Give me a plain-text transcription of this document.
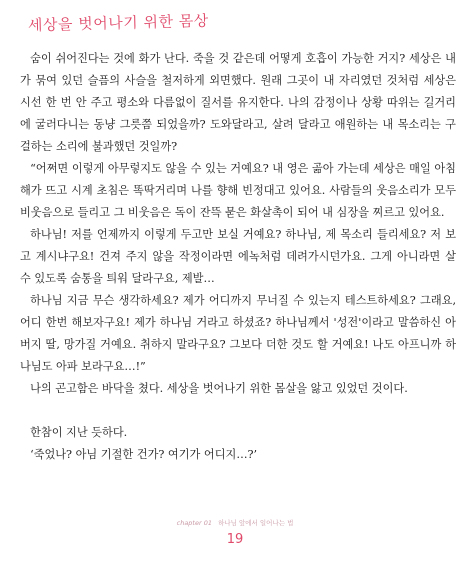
세상을 벗어나기 위한 몸상

숨이 쉬어진다는 것에 화가 난다. 죽을 것 같은데 어떻게 호흡이 가능한 거지? 세상은 내가 묶여 있던 슬픔의 사슬을 철저하게 외면했다. 원래 그곳이 내 자리였던 것처럼 세상은 시선 한 번 안 주고 평소와 다름없이 질서를 유지한다. 나의 감정이나 상황 따위는 길거리에 굴러다니는 동냥 그릇쯤 되었을까? 도와달라고, 살려 달라고 애원하는 내 목소리는 구걸하는 소리에 불과했던 것일까?

“어쩌면 이렇게 아무렇지도 않을 수 있는 거예요? 내 영은 곪아 가는데 세상은 매일 아침 해가 뜨고 시계 초침은 똑딱거리며 나를 향해 빈정대고 있어요. 사람들의 웃음소리가 모두 비웃음으로 들리고 그 비웃음은 독이 잔뜩 묻은 화살촉이 되어 내 심장을 찌르고 있어요.

하나님! 저를 언제까지 이렇게 두고만 보실 거예요? 하나님, 제 목소리 들리세요? 저 보고 계시냐구요! 건져 주지 않을 작정이라면 에녹처럼 데려가시던가요. 그게 아니라면 살 수 있도록 숨통을 틔워 달라구요, 제발…

하나님 지금 무슨 생각하세요? 제가 어디까지 무너질 수 있는지 테스트하세요? 그래요, 어디 한번 해보자구요! 제가 하나님 거라고 하셨죠? 하나님께서 '성전'이라고 말씀하신 아버지 딸, 망가질 거예요. 취하지 말라구요? 그보다 더한 것도 할 거예요! 나도 아프니까 하나님도 아파 보라구요…!”

나의 곤고함은 바닥을 쳤다. 세상을 벗어나기 위한 몸살을 앓고 있었던 것이다.

한참이 지난 듯하다.

‘죽었나? 아님 기절한 건가? 여기가 어디지…?’

chapter 01 하나님 앞에서 일어나는 법
19
